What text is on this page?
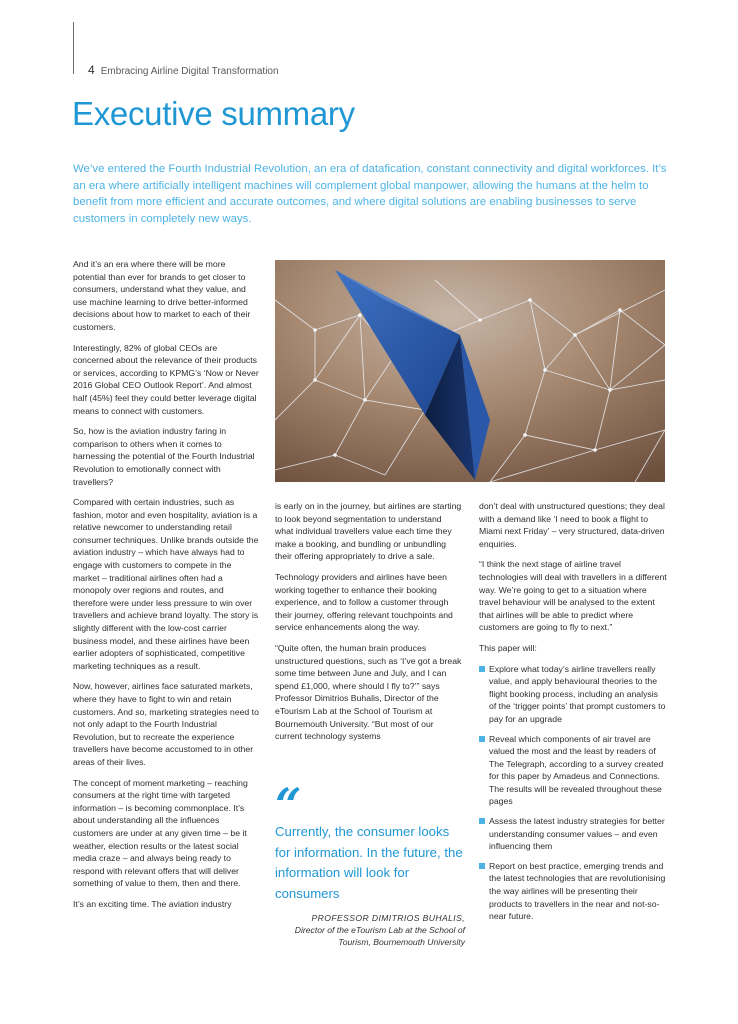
4 Embracing Airline Digital Transformation
Executive summary
We’ve entered the Fourth Industrial Revolution, an era of datafication, constant connectivity and digital workforces. It’s an era where artificially intelligent machines will complement global manpower, allowing the humans at the helm to benefit from more efficient and accurate outcomes, and where digital solutions are enabling businesses to serve customers in completely new ways.

And it’s an era where there will be more potential than ever for brands to get closer to consumers, understand what they value, and use machine learning to drive better-informed decisions about how to market to each of their customers.

Interestingly, 82% of global CEOs are concerned about the relevance of their products or services, according to KPMG’s ‘Now or Never 2016 Global CEO Outlook Report’. And almost half (45%) feel they could better leverage digital means to connect with customers.

So, how is the aviation industry faring in comparison to others when it comes to harnessing the potential of the Fourth Industrial Revolution to emotionally connect with travellers?

Compared with certain industries, such as fashion, motor and even hospitality, aviation is a relative newcomer to understanding retail consumer techniques. Unlike brands outside the aviation industry – which have always had to engage with customers to compete in the market – traditional airlines often had a monopoly over regions and routes, and therefore were under less pressure to win over travellers and achieve brand loyalty. The story is slightly different with the low-cost carrier business model, and these airlines have been earlier adopters of sophisticated, competitive marketing techniques as a result.

Now, however, airlines face saturated markets, where they have to fight to win and retain customers. And so, marketing strategies need to not only adapt to the Fourth Industrial Revolution, but to recreate the experience travellers have become accustomed to in other areas of their lives.

The concept of moment marketing – reaching consumers at the right time with targeted information – is becoming commonplace. It’s about understanding all the influences customers are under at any given time – be it weather, election results or the latest social media craze – and always being ready to respond with relevant offers that will deliver something of value to them, then and there.

It’s an exciting time. The aviation industry

is early on in the journey, but airlines are starting to look beyond segmentation to understand what individual travellers value each time they make a booking, and bundling or unbundling their offering appropriately to drive a sale.

Technology providers and airlines have been working together to enhance their booking experience, and to follow a customer through their journey, offering relevant touchpoints and service enhancements along the way.

“Quite often, the human brain produces unstructured questions, such as ‘I’ve got a break some time between June and July, and I can spend £1,000, where should I fly to?’” says Professor Dimitrios Buhalis, Director of the eTourism Lab at the School of Tourism at Bournemouth University. “But most of our current technology systems

“
Currently, the consumer looks for information. In the future, the information will look for consumers
PROFESSOR DIMITRIOS BUHALIS,
Director of the eTourism Lab at the School of Tourism, Bournemouth University

don’t deal with unstructured questions; they deal with a demand like ‘I need to book a flight to Miami next Friday’ – very structured, data-driven enquiries.

“I think the next stage of airline travel technologies will deal with travellers in a different way. We’re going to get to a situation where travel behaviour will be analysed to the extent that airlines will be able to predict where customers are going to fly to next.”

This paper will:

Explore what today’s airline travellers really value, and apply behavioural theories to the flight booking process, including an analysis of the ‘trigger points’ that prompt customers to pay for an upgrade
Reveal which components of air travel are valued the most and the least by readers of The Telegraph, according to a survey created for this paper by Amadeus and Connections. The results will be revealed throughout these pages
Assess the latest industry strategies for better understanding consumer values – and even influencing them
Report on best practice, emerging trends and the latest technologies that are revolutionising the way airlines will be presenting their products to travellers in the near and not-so-near future.
